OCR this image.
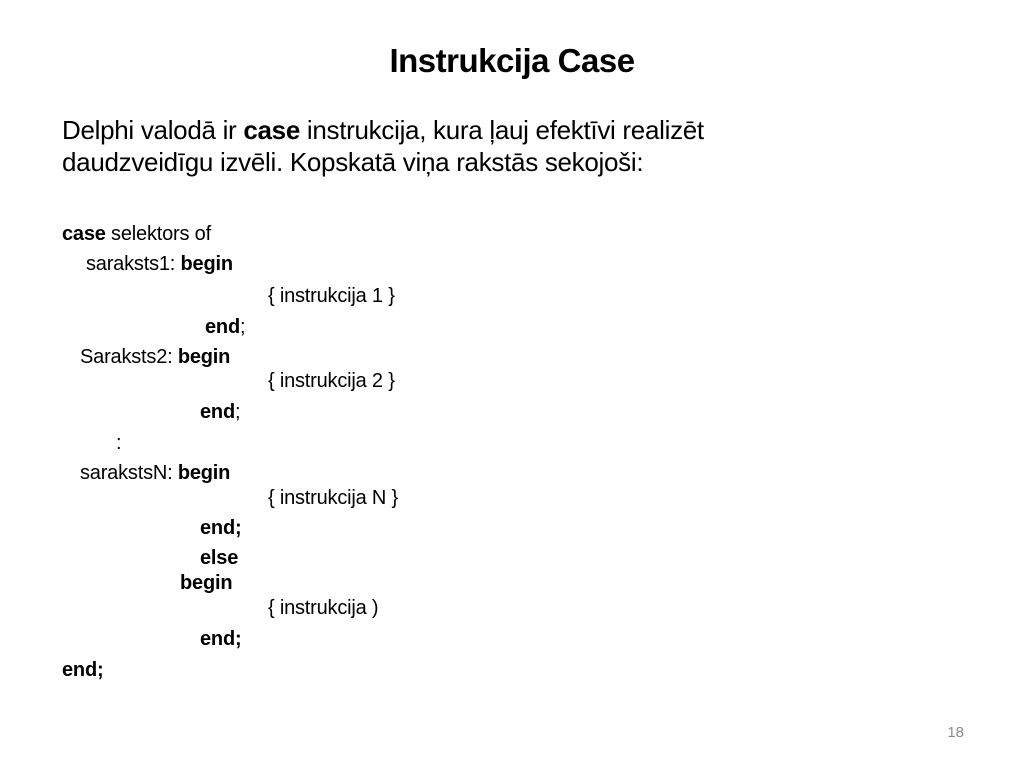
Instrukcija Case

Delphi valodā ir case instrukcija, kura ļauj efektīvi realizēt

daudzveidīgu izvēli. Kopskatā viņa rakstās sekojoši:

case selektors of
saraksts1: begin
{ instrukcija 1 }
end;
Saraksts2: begin
{ instrukcija 2 }
end;
:
sarakstsN: begin
{ instrukcija N }
end;
else
begin
{ instrukcija )
end;
end;
18
